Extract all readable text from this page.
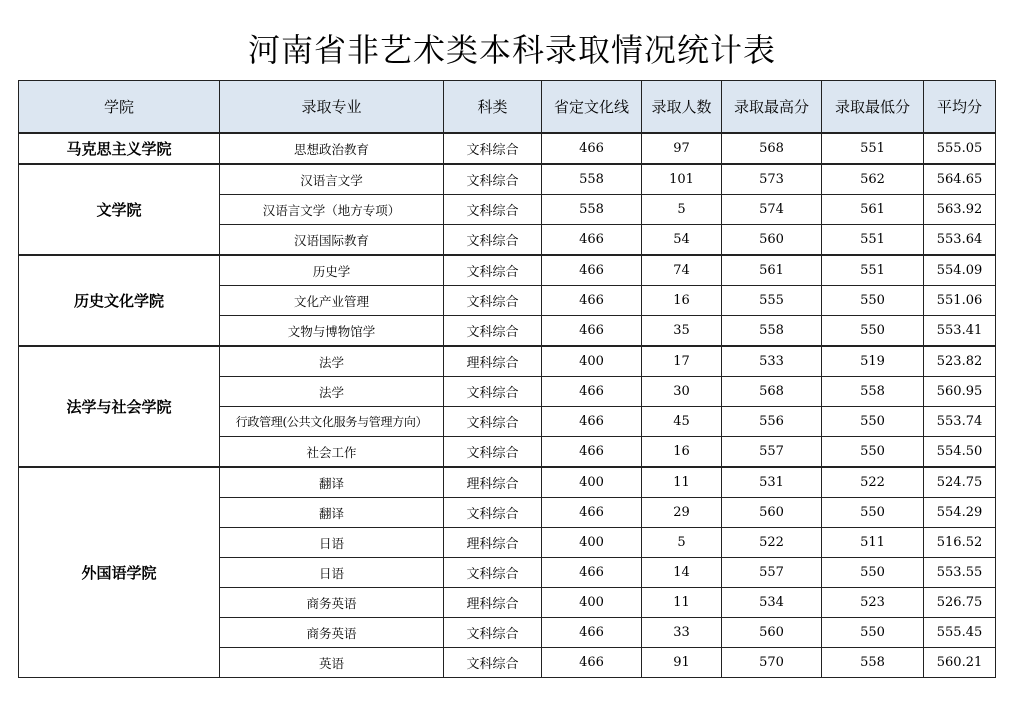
河南省非艺术类本科录取情况统计表
学院	录取专业	科类	省定文化线	录取人数	录取最高分	录取最低分	平均分
马克思主义学院	思想政治教育	文科综合	466	97	568	551	555.05
文学院	汉语言文学	文科综合	558	101	573	562	564.65
	汉语言文学（地方专项）	文科综合	558	5	574	561	563.92
	汉语国际教育	文科综合	466	54	560	551	553.64
历史文化学院	历史学	文科综合	466	74	561	551	554.09
	文化产业管理	文科综合	466	16	555	550	551.06
	文物与博物馆学	文科综合	466	35	558	550	553.41
法学与社会学院	法学	理科综合	400	17	533	519	523.82
	法学	文科综合	466	30	568	558	560.95
	行政管理(公共文化服务与管理方向）	文科综合	466	45	556	550	553.74
	社会工作	文科综合	466	16	557	550	554.50
外国语学院	翻译	理科综合	400	11	531	522	524.75
	翻译	文科综合	466	29	560	550	554.29
	日语	理科综合	400	5	522	511	516.52
	日语	文科综合	466	14	557	550	553.55
	商务英语	理科综合	400	11	534	523	526.75
	商务英语	文科综合	466	33	560	550	555.45
	英语	文科综合	466	91	570	558	560.21
